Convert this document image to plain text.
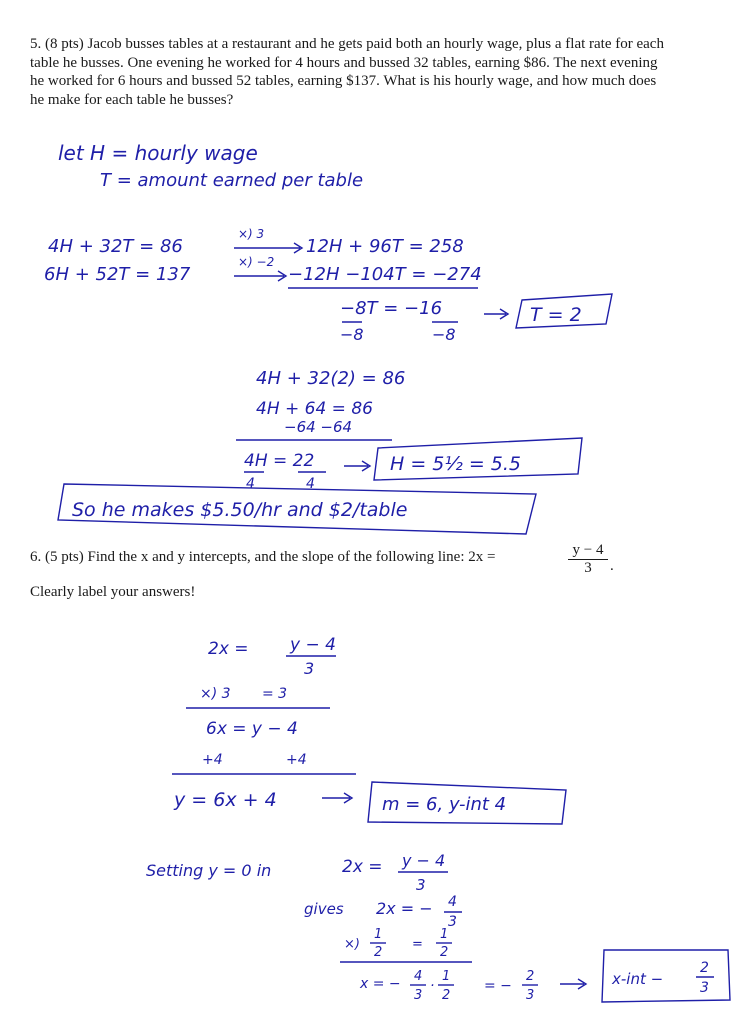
5. (8 pts) Jacob busses tables at a restaurant and he gets paid both an hourly wage, plus a flat rate for each table he busses. One evening he worked for 4 hours and bussed 32 tables, earning $86. The next evening he worked for 6 hours and bussed 52 tables, earning $137. What is his hourly wage, and how much does he make for each table he busses?

6. (5 pts) Find the x and y intercepts, and the slope of the following line: 2x =	$\frac{y - 4}{3}$ .

Clearly label your answers!

let H = hourly wage
T = amount earned per table
4H + 32T = 86
×) 3
12H + 96T = 258
6H + 52T = 137
×) −2
−12H −104T = −274
−8T = −16
−8	−8
T = 2
4H + 32(2) = 86
4H + 64 = 86
−64 −64
4H = 22
4	4
H = 5½ = 5.5
So he makes $5.50/hr and $2/table
2x = y − 4
3
×) 3 = 3
6x = y − 4
+4	+4
y = 6x + 4	m = 6, y-int 4
Setting y = 0 in	2x = y − 4
3
gives 2x = − 4
3
×)
1
2
=
1
2
x = − 4
3
·
1
2
= −
2
3
x-int −
2
3
